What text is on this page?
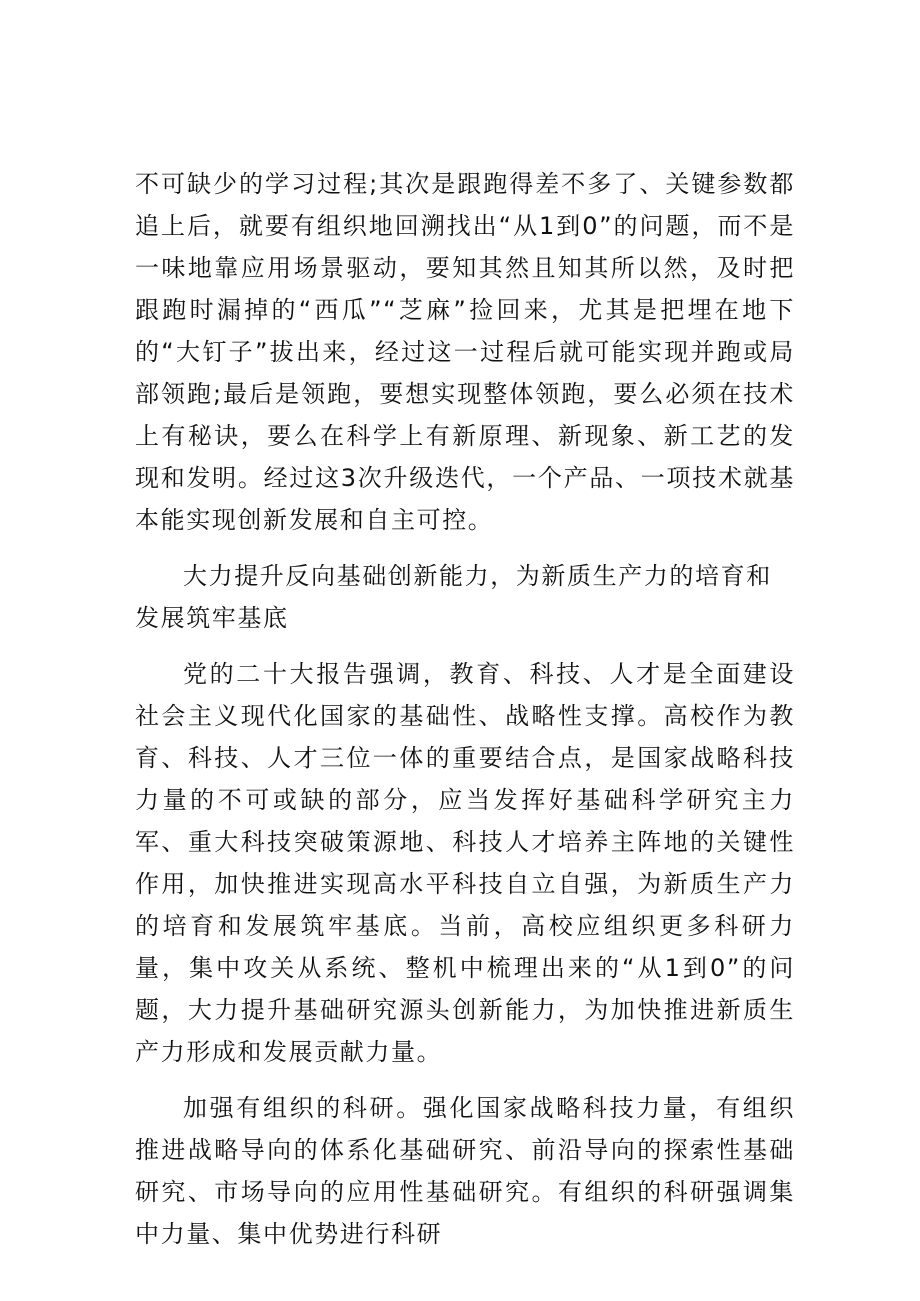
不可缺少的学习过程;其次是跟跑得差不多了、关键参数都追上后，就要有组织地回溯找出“从1到0”的问题，而不是一味地靠应用场景驱动，要知其然且知其所以然，及时把跟跑时漏掉的“西瓜”“芝麻”捡回来，尤其是把埋在地下的“大钉子”拔出来，经过这一过程后就可能实现并跑或局部领跑;最后是领跑，要想实现整体领跑，要么必须在技术上有秘诀，要么在科学上有新原理、新现象、新工艺的发现和发明。经过这3次升级迭代，一个产品、一项技术就基本能实现创新发展和自主可控。

大力提升反向基础创新能力，为新质生产力的培育和发展筑牢基底

党的二十大报告强调，教育、科技、人才是全面建设社会主义现代化国家的基础性、战略性支撑。高校作为教育、科技、人才三位一体的重要结合点，是国家战略科技力量的不可或缺的部分，应当发挥好基础科学研究主力军、重大科技突破策源地、科技人才培养主阵地的关键性作用，加快推进实现高水平科技自立自强，为新质生产力的培育和发展筑牢基底。当前，高校应组织更多科研力量，集中攻关从系统、整机中梳理出来的“从1到0”的问题，大力提升基础研究源头创新能力，为加快推进新质生产力形成和发展贡献力量。

加强有组织的科研。强化国家战略科技力量，有组织推进战略导向的体系化基础研究、前沿导向的探索性基础研究、市场导向的应用性基础研究。有组织的科研强调集中力量、集中优势进行科研
